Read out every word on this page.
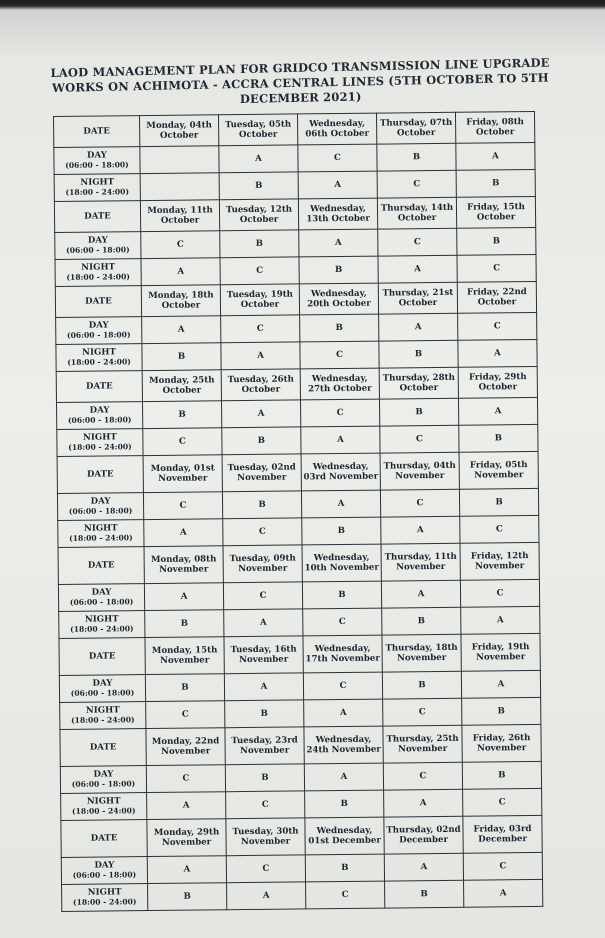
LAOD MANAGEMENT PLAN FOR GRIDCO TRANSMISSION LINE UPGRADE WORKS ON ACHIMOTA - ACCRA CENTRAL LINES (5TH OCTOBER TO 5TH DECEMBER 2021)
DATE	Monday, 04th October	Tuesday, 05th October	Wednesday, 06th October	Thursday, 07th October	Friday, 08th October

DAY
(06:00 - 18:00)		A	C	B	A

NIGHT
(18:00 - 24:00)		B	A	C	B
DATE	Monday, 11th October	Tuesday, 12th October	Wednesday, 13th October	Thursday, 14th October	Friday, 15th October

DAY
(06:00 - 18:00)	C	B	A	C	B

NIGHT
(18:00 - 24:00)	A	C	B	A	C
DATE	Monday, 18th October	Tuesday, 19th October	Wednesday, 20th October	Thursday, 21st October	Friday, 22nd October

DAY
(06:00 - 18:00)	A	C	B	A	C

NIGHT
(18:00 - 24:00)	B	A	C	B	A
DATE	Monday, 25th October	Tuesday, 26th October	Wednesday, 27th October	Thursday, 28th October	Friday, 29th October

DAY
(06:00 - 18:00)	B	A	C	B	A

NIGHT
(18:00 - 24:00)	C	B	A	C	B
DATE	Monday, 01st November	Tuesday, 02nd November	Wednesday, 03rd November	Thursday, 04th November	Friday, 05th November

DAY
(06:00 - 18:00)	C	B	A	C	B

NIGHT
(18:00 - 24:00)	A	C	B	A	C
DATE	Monday, 08th November	Tuesday, 09th November	Wednesday, 10th November	Thursday, 11th November	Friday, 12th November

DAY
(06:00 - 18:00)	A	C	B	A	C

NIGHT
(18:00 - 24:00)	B	A	C	B	A
DATE	Monday, 15th November	Tuesday, 16th November	Wednesday, 17th November	Thursday, 18th November	Friday, 19th November

DAY
(06:00 - 18:00)	B	A	C	B	A

NIGHT
(18:00 - 24:00)	C	B	A	C	B
DATE	Monday, 22nd November	Tuesday, 23rd November	Wednesday, 24th November	Thursday, 25th November	Friday, 26th November

DAY
(06:00 - 18:00)	C	B	A	C	B

NIGHT
(18:00 - 24:00)	A	C	B	A	C
DATE	Monday, 29th November	Tuesday, 30th November	Wednesday, 01st December	Thursday, 02nd December	Friday, 03rd December

DAY
(06:00 - 18:00)	A	C	B	A	C

NIGHT
(18:00 - 24:00)	B	A	C	B	A
